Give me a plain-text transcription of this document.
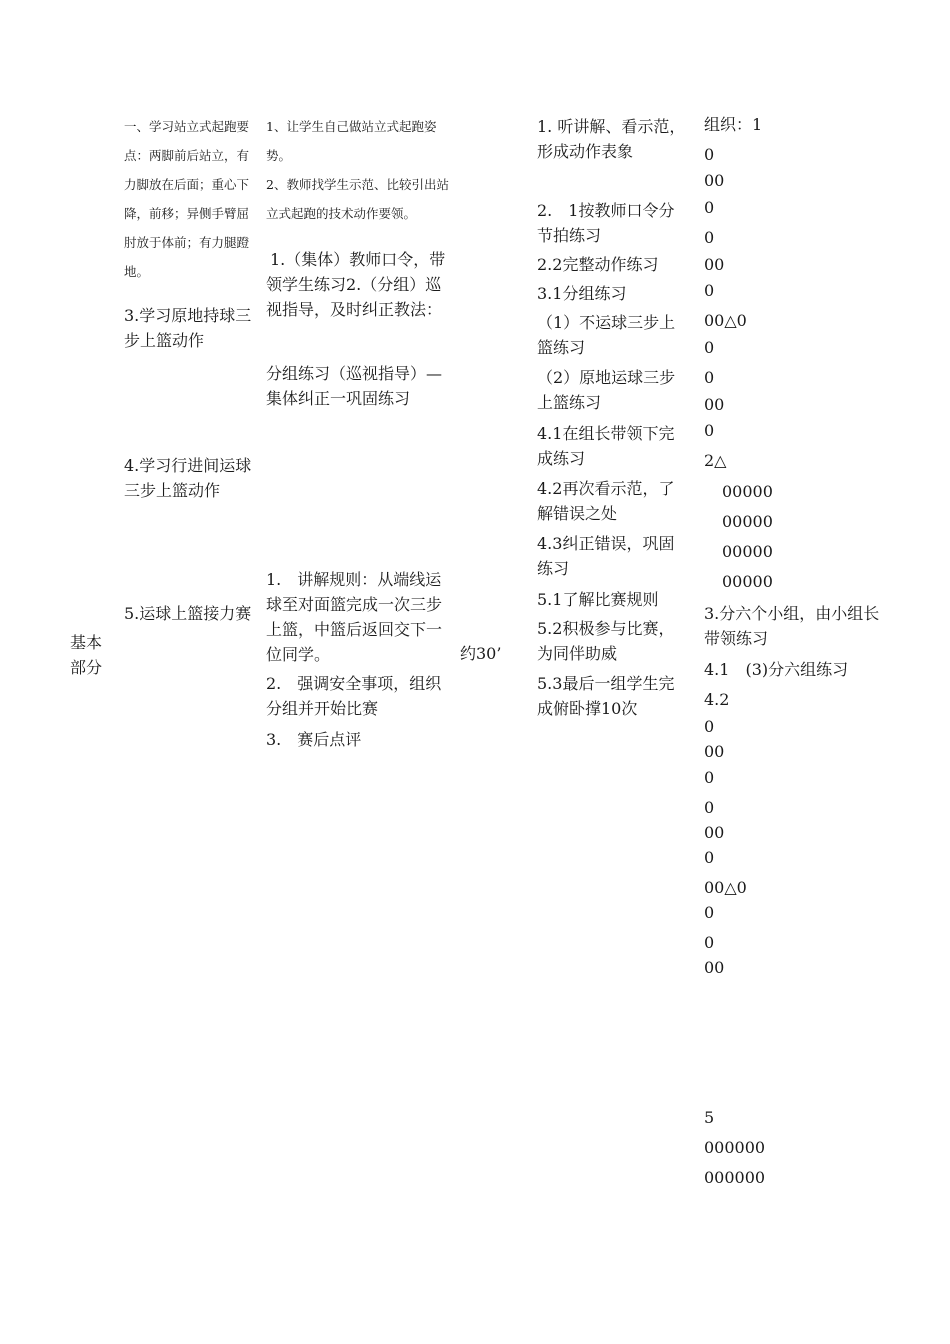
基本部分
一、学习站立式起跑要点：两脚前后站立，有力脚放在后面；重心下降，前移；异侧手臂屈肘放于体前；有力腿蹬地。
3.学习原地持球三步上篮动作
4.学习行进间运球三步上篮动作
5.运球上篮接力赛
1、让学生自己做站立式起跑姿势。
2、教师找学生示范、比较引出站立式起跑的技术动作要领。
1.（集体）教师口令，带领学生练习2.（分组）巡视指导，及时纠正教法：
分组练习（巡视指导）—集体纠正一巩固练习
1.　讲解规则：从端线运球至对面篮完成一次三步上篮，中篮后返回交下一位同学。
2.　强调安全事项，组织分组并开始比赛
3.　赛后点评
约30’
1. 听讲解、看示范，形成动作表象
2.　1按教师口令分节拍练习
2.2完整动作练习
3.1分组练习
（1）不运球三步上篮练习
（2）原地运球三步上篮练习
4.1在组长带领下完成练习
4.2再次看示范，了解错误之处
4.3纠正错误，巩固练习
5.1了解比赛规则
5.2积极参与比赛，为同伴助威
5.3最后一组学生完成俯卧撑10次
组织：1
0
00
0
0
00
0
00△0
0
0
00
0
2△
00000
00000
00000
00000
3.分六个小组，由小组长带领练习
4.1　(3)分六组练习
4.2
0
00
0
0
00
0
00△0
0
0
00
5
000000
000000
